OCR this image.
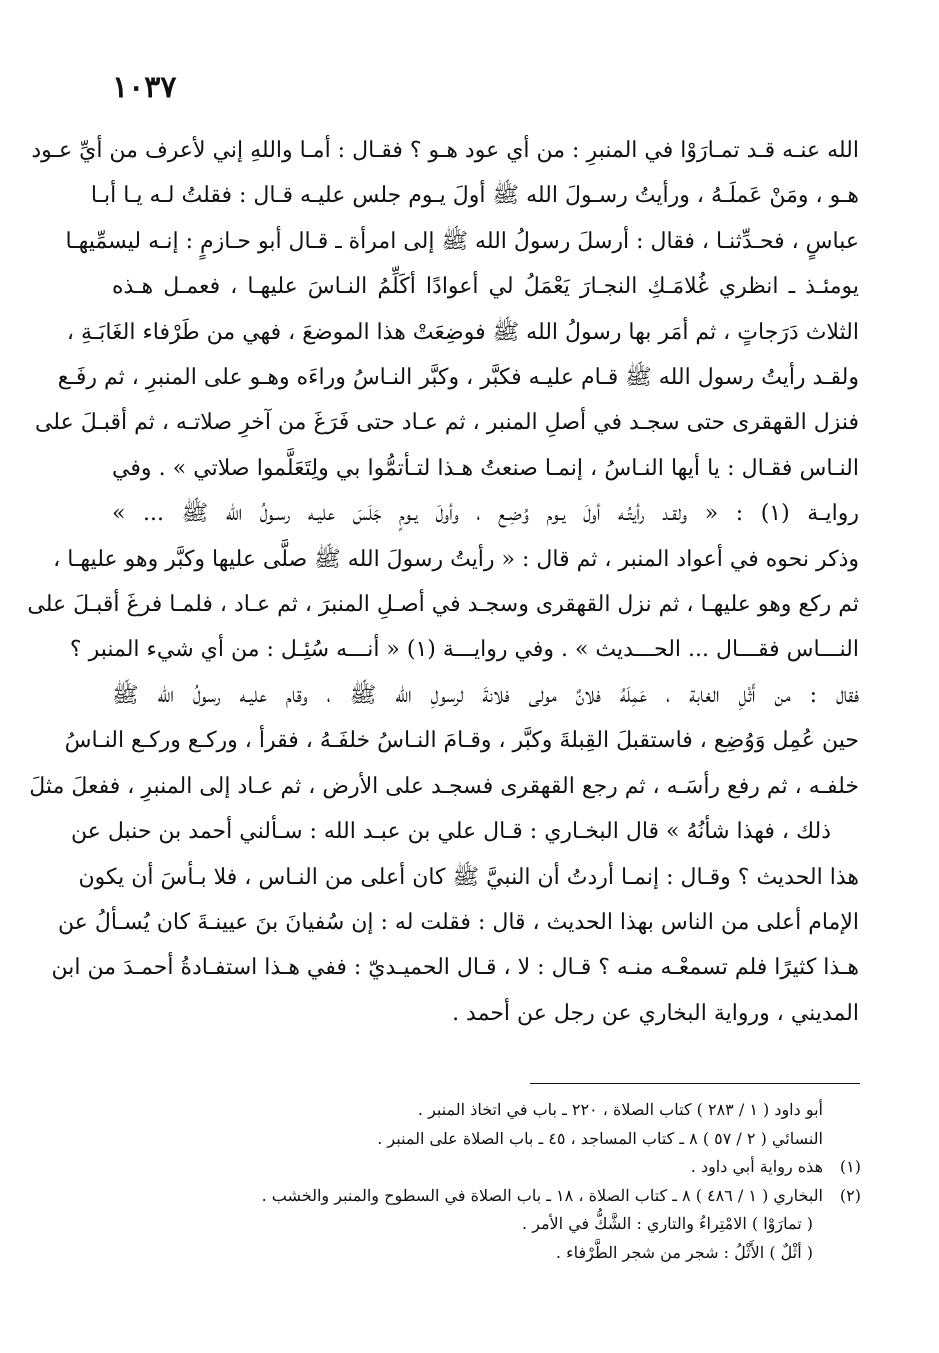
١٠٣٧
الله عنـه قـد تمـارَوْا في المنبرِ : من أي عود هـو ؟ فقـال : أمـا واللهِ إني لأعرف من أيِّ عـود
هـو ، ومَنْ عَملَـهُ ، ورأيتُ رسـولَ الله ﷺ أولَ يـوم جلس عليـه قـال : فقلتُ لـه يـا أبـا
عباسٍ ، فحـدِّثنـا ، فقال : أرسلَ رسولُ الله ﷺ إلى امرأة ـ قـال أبو حـازمٍ : إنـه ليسمِّيهـا
يومئـذ ـ انظري غُلامَـكِ النجـارَ يَعْمَلُ لي أعوادًا أكَلِّمُ النـاسَ عليهـا ، فعمـل هـذه
الثلاث دَرَجاتٍ ، ثم أمَر بها رسولُ الله ﷺ فوضِعَتْ هذا الموضعَ ، فهي من طَرْفاء الغَابَـةِ ،
ولقـد رأيتُ رسول الله ﷺ قـام عليـه فكبَّر ، وكبَّر النـاسُ وراءَه وهـو على المنبرِ ، ثم رفَـع
فنزل القهقرى حتى سجـد في أصلِ المنبر ، ثم عـاد حتى فَرَغَ من آخرِ صلاتـه ، ثم أقبـلَ على
النـاس فقـال : يا أيها النـاسُ ، إنمـا صنعتُ هـذا لتـأتمُّوا بي ولِتَعَلَّموا صلاتي » . وفي
روايـة (١) : « ولقـد رأيتُـه أولَ يـوم وُضِـع ، وأولَ يـومٍ جَلَسَ عليـه رسـولُ الله ﷺ ... »
وذكر نحوه في أعواد المنبر ، ثم قال : « رأيتُ رسولَ الله ﷺ صلَّى عليها وكبَّر وهو عليهـا ،
ثم ركع وهو عليهـا ، ثم نزل القهقرى وسجـد في أصـلِ المنبرَ ، ثم عـاد ، فلمـا فرغَ أقبـلَ على
النـــاس فقـــال ... الحـــديث » . وفي روايـــة (١) « أنـــه سُئِـل : من أي شيء المنبر ؟
فقال : من أَثْلِ الغابة ، عَمِلَهُ فلانٌ مولى فلانةَ لرسولِ الله ﷺ ، وقام عليـه رسولُ الله ﷺ
حين عُمِل وَوُضِع ، فاستقبلَ القِبلةَ وكبَّر ، وقـامَ النـاسُ خلفَـهُ ، فقرأ ، وركـع وركـع النـاسُ
خلفـه ، ثم رفع رأسَـه ، ثم رجع القهقرى فسجـد على الأرض ، ثم عـاد إلى المنبرِ ، ففعلَ مثلَ
ذلك ، فهذا شأنُهُ » قال البخـاري : قـال علي بن عبـد الله : سـألني أحمد بن حنبل عن
هذا الحديث ؟ وقـال : إنمـا أردتُ أن النبيَّ ﷺ كان أعلى من النـاس ، فلا بـأسَ أن يكون
الإمام أعلى من الناس بهذا الحديث ، قال : فقلت له : إن سُفيانَ بنَ عيينـةَ كان يُسـألُ عن
هـذا كثيرًا فلم تسمعْـه منـه ؟ قـال : لا ، قـال الحميـديّ : ففي هـذا استفـادةُ أحمـدَ من ابن
المديني ، ورواية البخاري عن رجل عن أحمد .
أبو داود ( ١ / ٢٨٣ ) كتاب الصلاة ، ٢٢٠ ـ باب في اتخاذ المنبر .
النسائي ( ٢ / ٥٧ ) ٨ ـ كتاب المساجد ، ٤٥ ـ باب الصلاة على المنبر .
(١)
هذه رواية أبي داود .
(٢)
البخاري ( ١ / ٤٨٦ ) ٨ ـ كتاب الصلاة ، ١٨ ـ باب الصلاة في السطوح والمنبر والخشب .
( تمارَوْا ) الامْتِراءُ والتاري : الشَّكُّ في الأمر .
( أثْلٌ ) الأَثْلُ : شجر من شجر الطَّرْفاء .
